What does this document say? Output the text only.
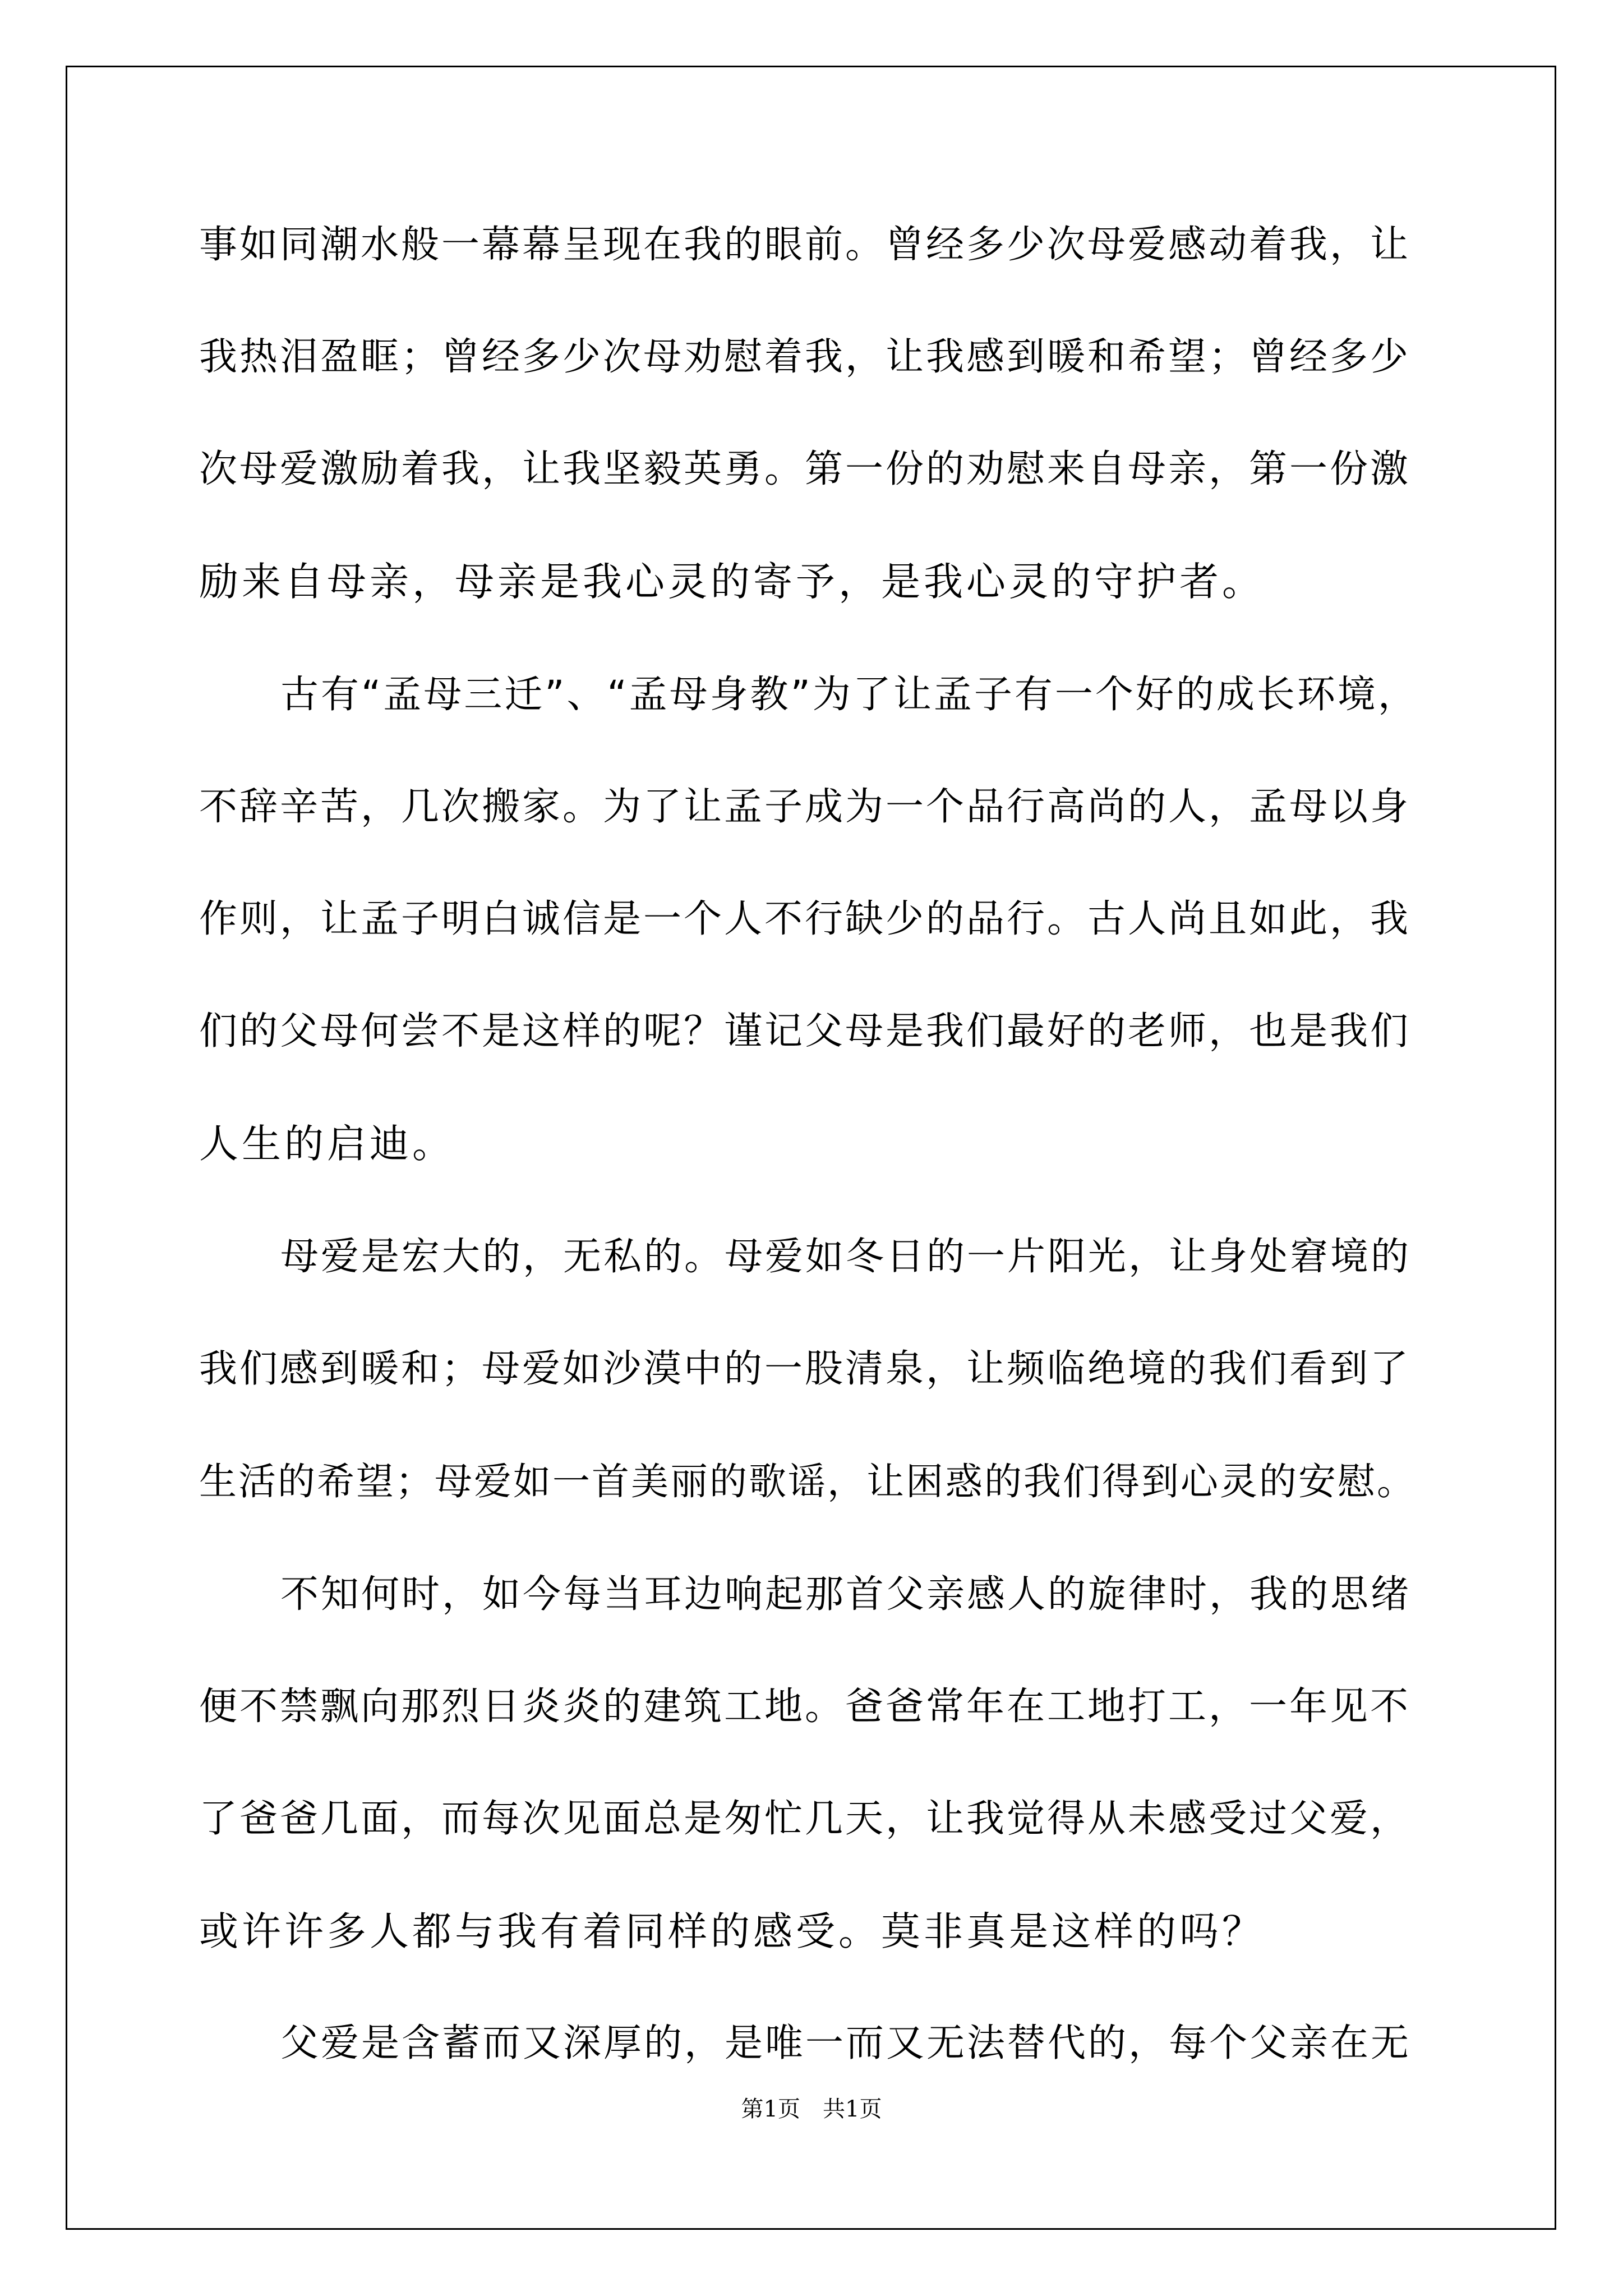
事如同潮水般一幕幕呈现在我的眼前。曾经多少次母爱感动着我，让
我热泪盈眶；曾经多少次母劝慰着我，让我感到暖和希望；曾经多少
次母爱激励着我，让我坚毅英勇。第一份的劝慰来自母亲，第一份激
励来自母亲，母亲是我心灵的寄予，是我心灵的守护者。
古有“孟母三迁”、“孟母身教”为了让孟子有一个好的成长环境，
不辞辛苦，几次搬家。为了让孟子成为一个品行高尚的人，孟母以身
作则，让孟子明白诚信是一个人不行缺少的品行。古人尚且如此，我
们的父母何尝不是这样的呢？谨记父母是我们最好的老师，也是我们
人生的启迪。
母爱是宏大的，无私的。母爱如冬日的一片阳光，让身处窘境的
我们感到暖和；母爱如沙漠中的一股清泉，让频临绝境的我们看到了
生活的希望；母爱如一首美丽的歌谣，让困惑的我们得到心灵的安慰。
不知何时，如今每当耳边响起那首父亲感人的旋律时，我的思绪
便不禁飘向那烈日炎炎的建筑工地。爸爸常年在工地打工，一年见不
了爸爸几面，而每次见面总是匆忙几天，让我觉得从未感受过父爱，
或许许多人都与我有着同样的感受。莫非真是这样的吗？
父爱是含蓄而又深厚的，是唯一而又无法替代的，每个父亲在无
第1页　共1页
